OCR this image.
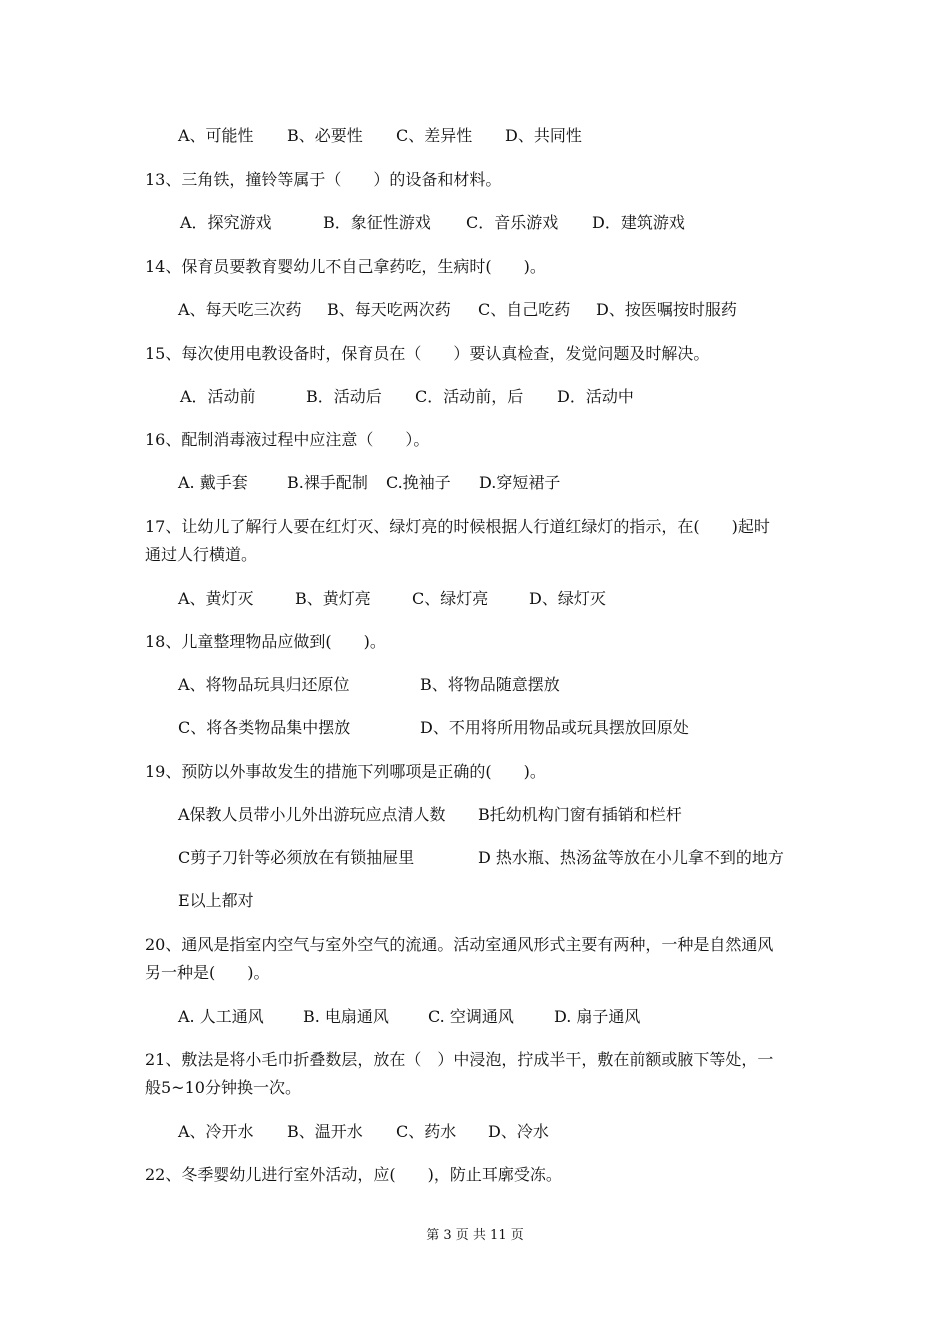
A、可能性

B、必要性

C、差异性

D、共同性

13、三角铁，撞铃等属于（　　）的设备和材料。

A．探究游戏

	B．象征性游戏

C．音乐游戏

D．建筑游戏

14、保育员要教育婴幼儿不自己拿药吃，生病时(　　)。

A、每天吃三次药

B、每天吃两次药

C、自己吃药

D、按医嘱按时服药

15、每次使用电教设备时，保育员在（　　）要认真检查，发觉问题及时解决。

A．活动前

	B．活动后

C．活动前，后

D．活动中

16、配制消毒液过程中应注意（　　）。

A. 戴手套

B.裸手配制

C.挽袖子

D.穿短裙子

17、让幼儿了解行人要在红灯灭、绿灯亮的时候根据人行道红绿灯的指示，在(　　)起时
通过人行横道。

A、黄灯灭

	B、黄灯亮

	C、绿灯亮

	D、绿灯灭

18、儿童整理物品应做到(　　)。

A、将物品玩具归还原位

	B、将物品随意摆放

C、将各类物品集中摆放

	D、不用将所用物品或玩具摆放回原处

19、预防以外事故发生的措施下列哪项是正确的(　　)。

A保教人员带小儿外出游玩应点清人数

B托幼机构门窗有插销和栏杆

C剪子刀针等必须放在有锁抽屉里

	D 热水瓶、热汤盆等放在小儿拿不到的地方

E以上都对

20、通风是指室内空气与室外空气的流通。活动室通风形式主要有两种，一种是自然通风
另一种是(　　)。

A. 人工通风

B. 电扇通风

C. 空调通风

	D. 扇子通风

21、敷法是将小毛巾折叠数层，放在（　）中浸泡，拧成半干，敷在前额或腋下等处，一
般5~10分钟换一次。

A、冷开水

B、温开水

C、药水

D、冷水

22、冬季婴幼儿进行室外活动，应(　　)，防止耳廓受冻。
第 3 页 共 11 页
